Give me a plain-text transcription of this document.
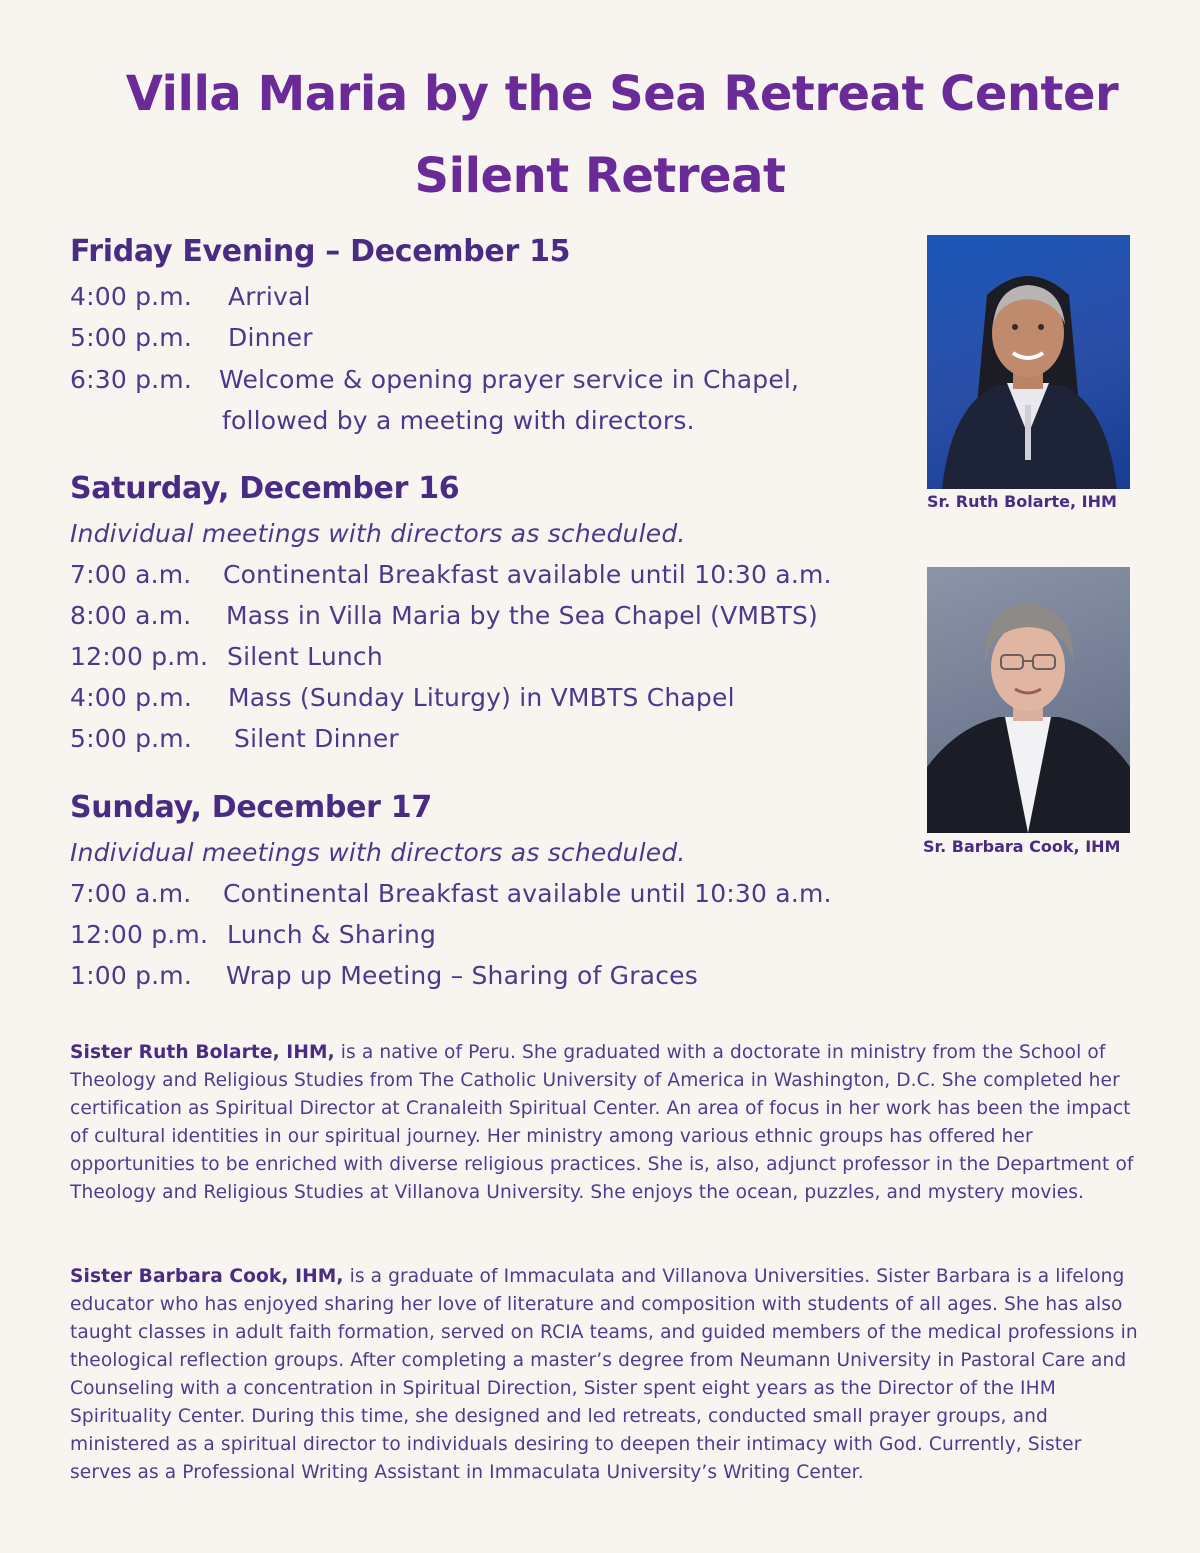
Villa Maria by the Sea Retreat Center
Silent Retreat
Friday Evening – December 15
4:00 p.m. Arrival
5:00 p.m. Dinner
6:30 p.m. Welcome & opening prayer service in Chapel,
followed by a meeting with directors.
Saturday, December 16
Individual meetings with directors as scheduled.
7:00 a.m. Continental Breakfast available until 10:30 a.m.
8:00 a.m. Mass in Villa Maria by the Sea Chapel (VMBTS)
12:00 p.m. Silent Lunch
4:00 p.m. Mass (Sunday Liturgy) in VMBTS Chapel
5:00 p.m. Silent Dinner
Sunday, December 17
Individual meetings with directors as scheduled.
7:00 a.m. Continental Breakfast available until 10:30 a.m.
12:00 p.m. Lunch & Sharing
1:00 p.m. Wrap up Meeting – Sharing of Graces
Sr. Ruth Bolarte, IHM
Sr. Barbara Cook, IHM

Sister Ruth Bolarte, IHM, is a native of Peru. She graduated with a doctorate in ministry from the School of Theology and Religious Studies from The Catholic University of America in Washington, D.C. She completed her certification as Spiritual Director at Cranaleith Spiritual Center. An area of focus in her work has been the impact of cultural identities in our spiritual journey. Her ministry among various ethnic groups has offered her opportunities to be enriched with diverse religious practices. She is, also, adjunct professor in the Department of Theology and Religious Studies at Villanova University. She enjoys the ocean, puzzles, and mystery movies.

Sister Barbara Cook, IHM, is a graduate of Immaculata and Villanova Universities. Sister Barbara is a lifelong educator who has enjoyed sharing her love of literature and composition with students of all ages. She has also taught classes in adult faith formation, served on RCIA teams, and guided members of the medical professions in theological reflection groups. After completing a master’s degree from Neumann University in Pastoral Care and Counseling with a concentration in Spiritual Direction, Sister spent eight years as the Director of the IHM Spirituality Center. During this time, she designed and led retreats, conducted small prayer groups, and ministered as a spiritual director to individuals desiring to deepen their intimacy with God. Currently, Sister serves as a Professional Writing Assistant in Immaculata University’s Writing Center.
